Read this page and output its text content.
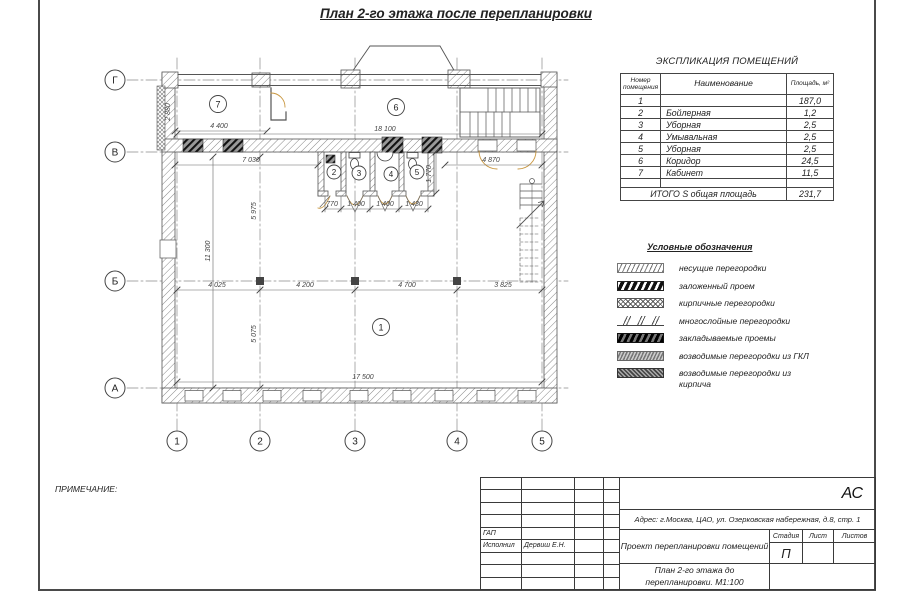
План 2-го этажа после перепланировки
Г
В
Б
А
1	2	3	4	5
7	6
1
2	3	4	5
4 400	18 100
7 030	4 870
2 880
11 300
5 975
5 075
4 025	4 200	4 700	3 825
17 500
770 1 400 1 400 1 430
1 770
ЭКСПЛИКАЦИЯ ПОМЕЩЕНИЙ
Номер помещения	Наименование	Площадь, м²
1		187,0
2	Бойлерная	1,2
3	Уборная	2,5
4	Умывальная	2,5
5	Уборная	2,5
6	Коридор	24,5
7	Кабинет	11,5

ИТОГО S общая площадь		231,7
Условные обозначения
несущие перегородки
заложенный проем
кирпичные перегородки
многослойные перегородки
закладываемые проемы
возводимые перегородки из ГКЛ
возводимые перегородки из кирпича
ПРИМЕЧАНИЕ:
ГАП
Исполнил	Дервиш Е.Н.
АС
Адрес: г.Москва, ЦАО, ул. Озерковская набережная, д.8, стр. 1
Проект перепланировки помещений
Стадия	Лист	Листов
П
План 2-го этажа до перепланировки. М1:100
